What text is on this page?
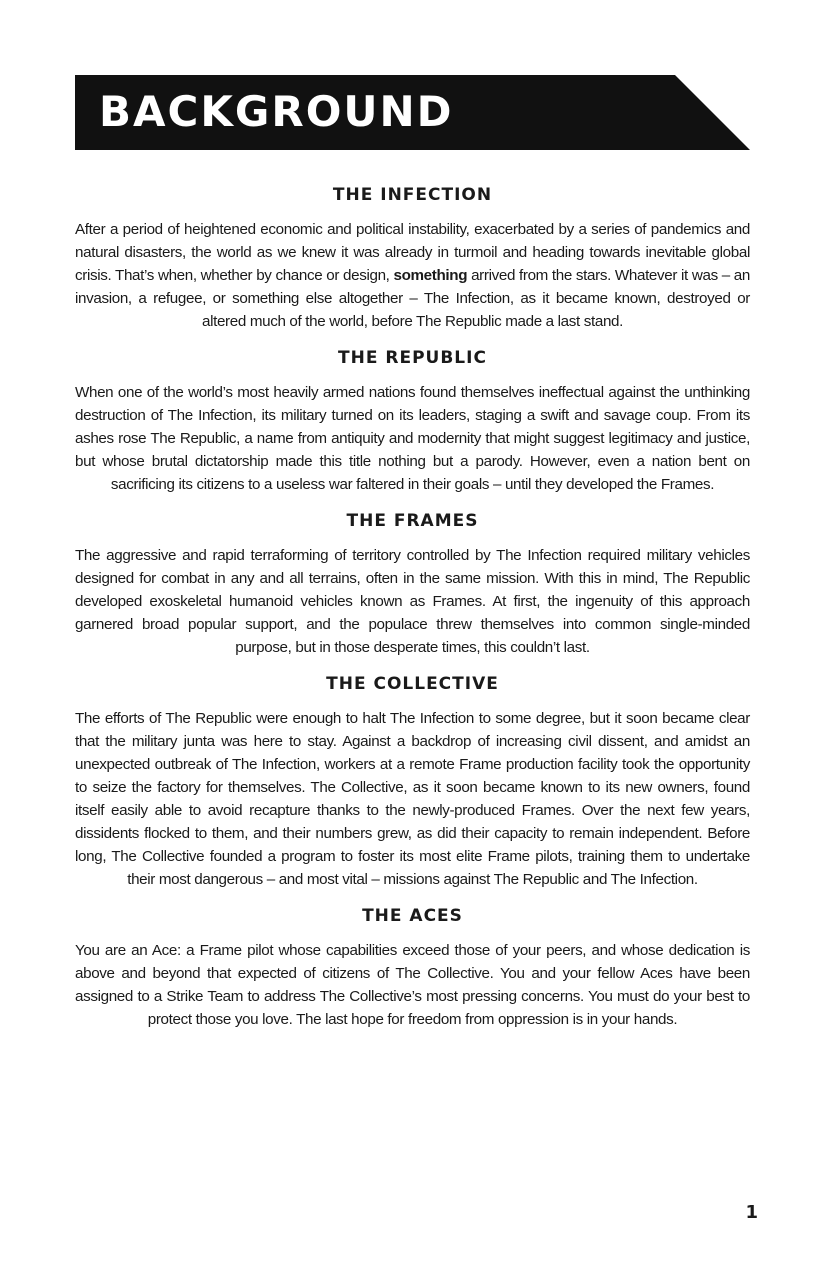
BACKGROUND
THE INFECTION

After a period of heightened economic and political instability, exacerbated by a series of pandemics and natural disasters, the world as we knew it was already in turmoil and heading towards inevitable global crisis. That’s when, whether by chance or design, something arrived from the stars. Whatever it was – an invasion, a refugee, or something else altogether – The Infection, as it became known, destroyed or altered much of the world, before The Republic made a last stand.

THE REPUBLIC

When one of the world’s most heavily armed nations found themselves ineffectual against the unthinking destruction of The Infection, its military turned on its leaders, staging a swift and savage coup. From its ashes rose The Republic, a name from antiquity and modernity that might suggest legitimacy and justice, but whose brutal dictatorship made this title nothing but a parody. However, even a nation bent on sacrificing its citizens to a useless war faltered in their goals – until they developed the Frames.

THE FRAMES

The aggressive and rapid terraforming of territory controlled by The Infection required military vehicles designed for combat in any and all terrains, often in the same mission. With this in mind, The Republic developed exoskeletal humanoid vehicles known as Frames. At first, the ingenuity of this approach garnered broad popular support, and the populace threw themselves into common single-minded purpose, but in those desperate times, this couldn’t last.

THE COLLECTIVE

The efforts of The Republic were enough to halt The Infection to some degree, but it soon became clear that the military junta was here to stay. Against a backdrop of increasing civil dissent, and amidst an unexpected outbreak of The Infection, workers at a remote Frame production facility took the opportunity to seize the factory for themselves. The Collective, as it soon became known to its new owners, found itself easily able to avoid recapture thanks to the newly-produced Frames. Over the next few years, dissidents flocked to them, and their numbers grew, as did their capacity to remain independent. Before long, The Collective founded a program to foster its most elite Frame pilots, training them to undertake their most dangerous – and most vital – missions against The Republic and The Infection.

THE ACES

You are an Ace: a Frame pilot whose capabilities exceed those of your peers, and whose dedication is above and beyond that expected of citizens of The Collective. You and your fellow Aces have been assigned to a Strike Team to address The Collective’s most pressing concerns. You must do your best to protect those you love. The last hope for freedom from oppression is in your hands.

1
